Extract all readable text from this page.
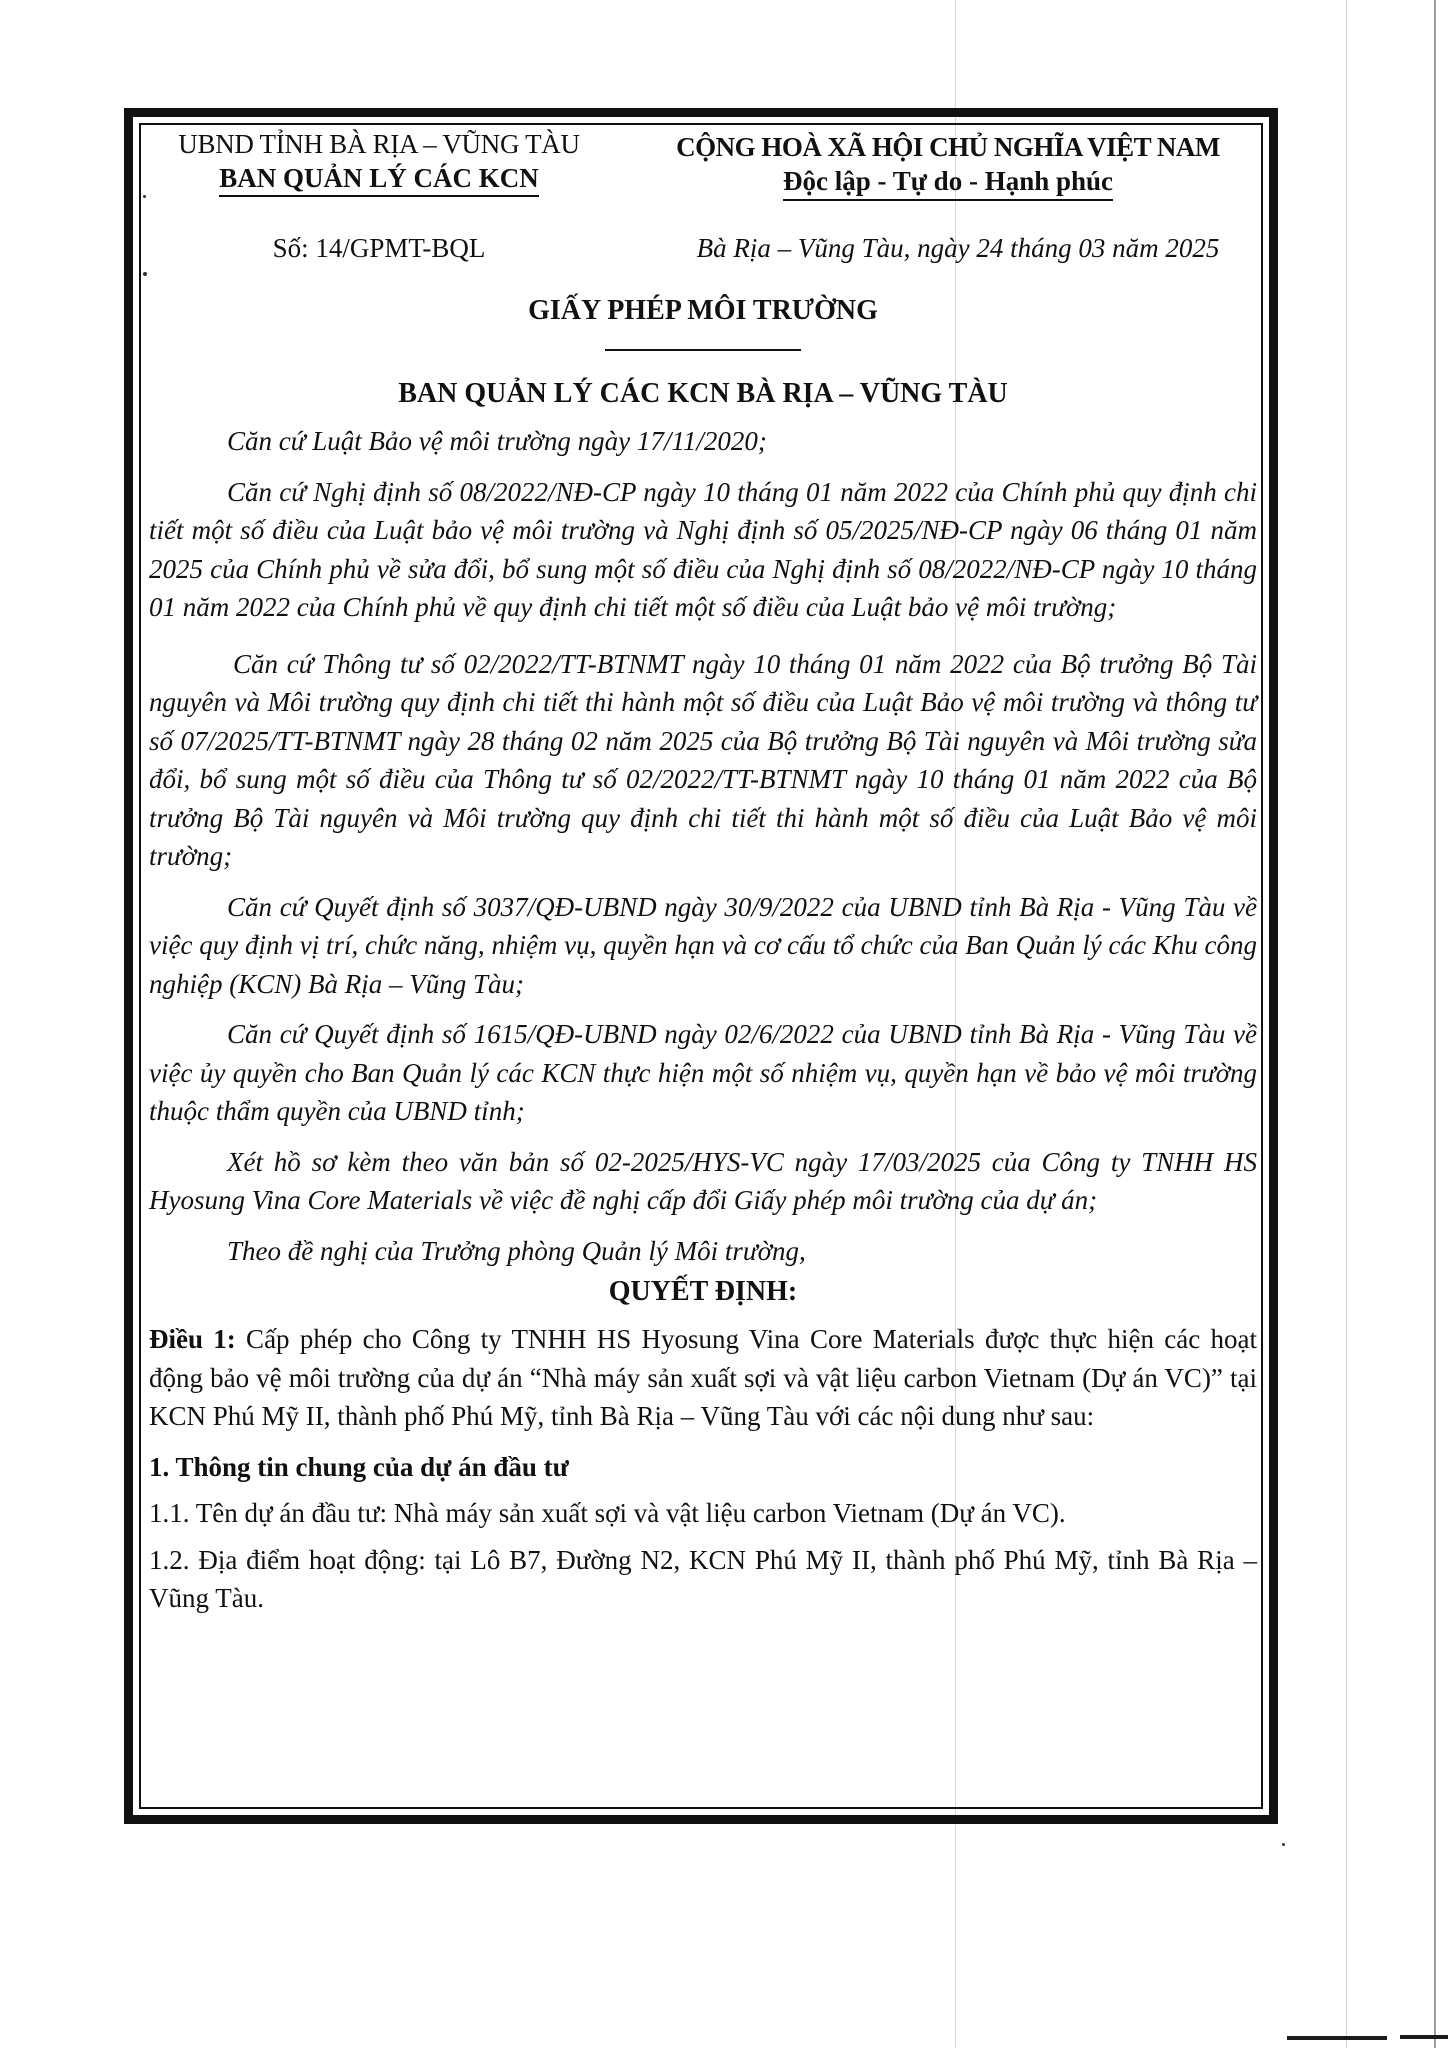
UBND TỈNH BÀ RỊA – VŨNG TÀU
BAN QUẢN LÝ CÁC KCN
CỘNG HOÀ XÃ HỘI CHỦ NGHĨA VIỆT NAM
Độc lập - Tự do - Hạnh phúc
Số: 14/GPMT-BQL	Bà Rịa – Vũng Tàu, ngày 24 tháng 03 năm 2025
GIẤY PHÉP MÔI TRƯỜNG
BAN QUẢN LÝ CÁC KCN BÀ RỊA – VŨNG TÀU

Căn cứ Luật Bảo vệ môi trường ngày 17/11/2020;

Căn cứ Nghị định số 08/2022/NĐ-CP ngày 10 tháng 01 năm 2022 của Chính phủ quy định chi tiết một số điều của Luật bảo vệ môi trường và Nghị định số 05/2025/NĐ-CP ngày 06 tháng 01 năm 2025 của Chính phủ về sửa đổi, bổ sung một số điều của Nghị định số 08/2022/NĐ-CP ngày 10 tháng 01 năm 2022 của Chính phủ về quy định chi tiết một số điều của Luật bảo vệ môi trường;

Căn cứ Thông tư số 02/2022/TT-BTNMT ngày 10 tháng 01 năm 2022 của Bộ trưởng Bộ Tài nguyên và Môi trường quy định chi tiết thi hành một số điều của Luật Bảo vệ môi trường và thông tư số 07/2025/TT-BTNMT ngày 28 tháng 02 năm 2025 của Bộ trưởng Bộ Tài nguyên và Môi trường sửa đổi, bổ sung một số điều của Thông tư số 02/2022/TT-BTNMT ngày 10 tháng 01 năm 2022 của Bộ trưởng Bộ Tài nguyên và Môi trường quy định chi tiết thi hành một số điều của Luật Bảo vệ môi trường;

Căn cứ Quyết định số 3037/QĐ-UBND ngày 30/9/2022 của UBND tỉnh Bà Rịa - Vũng Tàu về việc quy định vị trí, chức năng, nhiệm vụ, quyền hạn và cơ cấu tổ chức của Ban Quản lý các Khu công nghiệp (KCN) Bà Rịa – Vũng Tàu;

Căn cứ Quyết định số 1615/QĐ-UBND ngày 02/6/2022 của UBND tỉnh Bà Rịa - Vũng Tàu về việc ủy quyền cho Ban Quản lý các KCN thực hiện một số nhiệm vụ, quyền hạn về bảo vệ môi trường thuộc thẩm quyền của UBND tỉnh;

Xét hồ sơ kèm theo văn bản số 02-2025/HYS-VC ngày 17/03/2025 của Công ty TNHH HS Hyosung Vina Core Materials về việc đề nghị cấp đổi Giấy phép môi trường của dự án;

Theo đề nghị của Trưởng phòng Quản lý Môi trường,

QUYẾT ĐỊNH:

Điều 1: Cấp phép cho Công ty TNHH HS Hyosung Vina Core Materials được thực hiện các hoạt động bảo vệ môi trường của dự án “Nhà máy sản xuất sợi và vật liệu carbon Vietnam (Dự án VC)” tại KCN Phú Mỹ II, thành phố Phú Mỹ, tỉnh Bà Rịa – Vũng Tàu với các nội dung như sau:

1. Thông tin chung của dự án đầu tư
1.1. Tên dự án đầu tư: Nhà máy sản xuất sợi và vật liệu carbon Vietnam (Dự án VC).
1.2. Địa điểm hoạt động: tại Lô B7, Đường N2, KCN Phú Mỹ II, thành phố Phú Mỹ, tỉnh Bà Rịa – Vũng Tàu.
